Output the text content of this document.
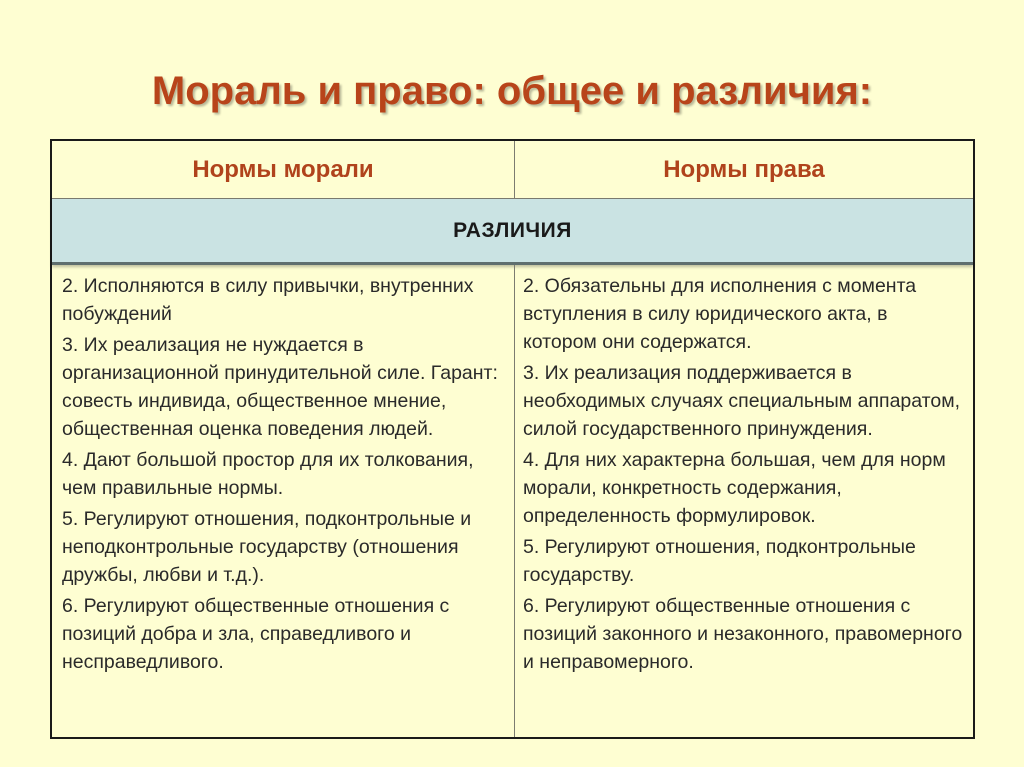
Мораль и право: общее и различия:
Нормы морали	Нормы права
РАЗЛИЧИЯ

2. Исполняются в силу привычки, внутренних побуждений

3. Их реализация не нуждается в организационной принудительной силе. Гарант: совесть индивида, общественное мнение, общественная оценка поведения людей.

4. Дают большой простор для их толкования, чем правильные нормы.

5. Регулируют отношения, подконтрольные и неподконтрольные государству (отношения дружбы, любви и т.д.).

6. Регулируют общественные отношения с позиций добра и зла, справедливого и несправедливого.

2. Обязательны для исполнения с момента вступления в силу юридического акта, в котором они содержатся.

3. Их реализация поддерживается в необходимых случаях специальным аппаратом, силой государственного принуждения.

4. Для них характерна большая, чем для норм морали, конкретность содержания, определенность формулировок.

5. Регулируют отношения, подконтрольные государству.

6. Регулируют общественные отношения с позиций законного и незаконного, правомерного и неправомерного.
